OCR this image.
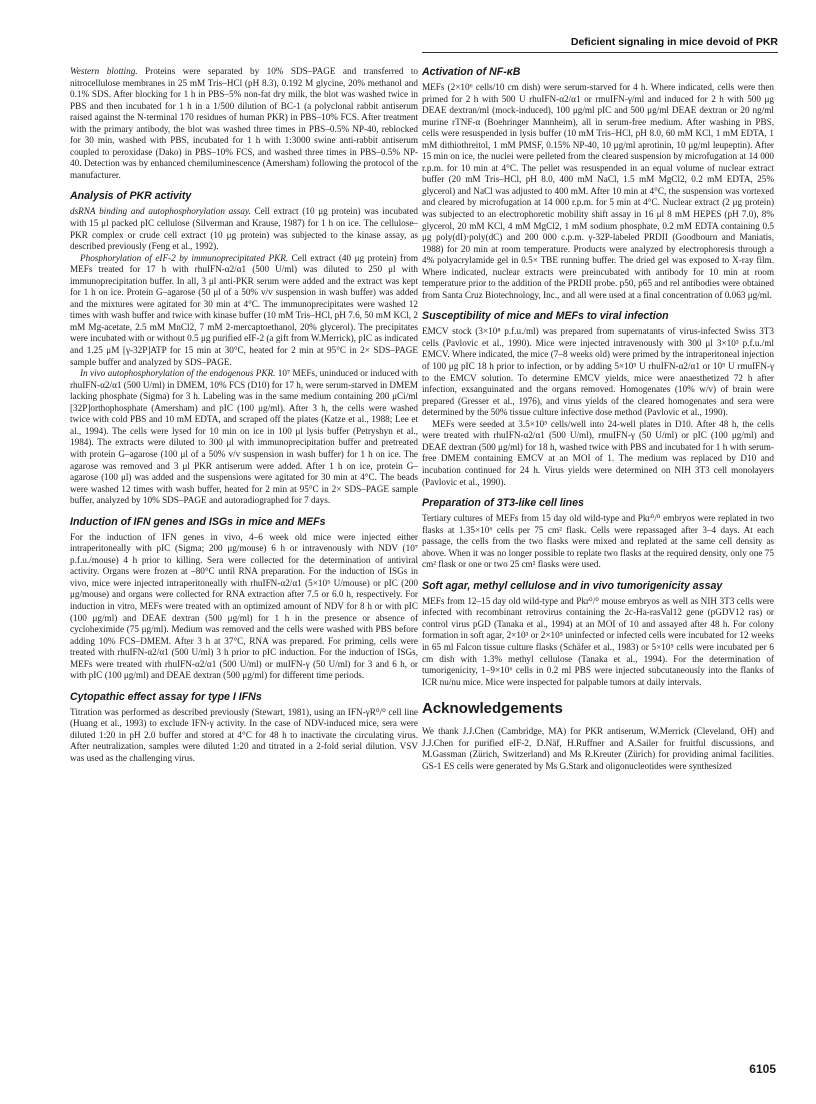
Deficient signaling in mice devoid of PKR

Western blotting. Proteins were separated by 10% SDS–PAGE and transferred to nitrocellulose membranes in 25 mM Tris–HCl (pH 8.3), 0.192 M glycine, 20% methanol and 0.1% SDS. After blocking for 1 h in PBS–5% non-fat dry milk, the blot was washed twice in PBS and then incubated for 1 h in a 1/500 dilution of BC-1 (a polyclonal rabbit antiserum raised against the N-terminal 170 residues of human PKR) in PBS–10% FCS. After treatment with the primary antibody, the blot was washed three times in PBS–0.5% NP-40, reblocked for 30 min, washed with PBS, incubated for 1 h with 1:3000 swine anti-rabbit antiserum coupled to peroxidase (Dako) in PBS–10% FCS, and washed three times in PBS–0.5% NP-40. Detection was by enhanced chemiluminescence (Amersham) following the protocol of the manufacturer.

Analysis of PKR activity

dsRNA binding and autophosphorylation assay. Cell extract (10 μg protein) was incubated with 15 μl packed pIC cellulose (Silverman and Krause, 1987) for 1 h on ice. The cellulose–PKR complex or crude cell extract (10 μg protein) was subjected to the kinase assay, as described previously (Feng et al., 1992).

Phosphorylation of eIF-2 by immunoprecipitated PKR. Cell extract (40 μg protein) from MEFs treated for 17 h with rhuIFN-α2/α1 (500 U/ml) was diluted to 250 μl with immunoprecipitation buffer. In all, 3 μl anti-PKR serum were added and the extract was kept for 1 h on ice. Protein G–agarose (50 μl of a 50% v/v suspension in wash buffer) was added and the mixtures were agitated for 30 min at 4°C. The immunoprecipitates were washed 12 times with wash buffer and twice with kinase buffer (10 mM Tris–HCl, pH 7.6, 50 mM KCl, 2 mM Mg-acetate, 2.5 mM MnCl2, 7 mM 2-mercaptoethanol, 20% glycerol). The precipitates were incubated with or without 0.5 μg purified eIF-2 (a gift from W.Merrick), pIC as indicated and 1.25 μM [γ-32P]ATP for 15 min at 30°C, heated for 2 min at 95°C in 2× SDS–PAGE sample buffer and analyzed by SDS–PAGE.

In vivo autophosphorylation of the endogenous PKR. 10⁷ MEFs, uninduced or induced with rhuIFN-α2/α1 (500 U/ml) in DMEM, 10% FCS (D10) for 17 h, were serum-starved in DMEM lacking phosphate (Sigma) for 3 h. Labeling was in the same medium containing 200 μCi/ml [32P]orthophosphate (Amersham) and pIC (100 μg/ml). After 3 h, the cells were washed twice with cold PBS and 10 mM EDTA, and scraped off the plates (Katze et al., 1988; Lee et al., 1994). The cells were lysed for 10 min on ice in 100 μl lysis buffer (Petryshyn et al., 1984). The extracts were diluted to 300 μl with immunoprecipitation buffer and pretreated with protein G–agarose (100 μl of a 50% v/v suspension in wash buffer) for 1 h on ice. The agarose was removed and 3 μl PKR antiserum were added. After 1 h on ice, protein G–agarose (100 μl) was added and the suspensions were agitated for 30 min at 4°C. The beads were washed 12 times with wash buffer, heated for 2 min at 95°C in 2× SDS–PAGE sample buffer, analyzed by 10% SDS–PAGE and autoradiographed for 7 days.

Induction of IFN genes and ISGs in mice and MEFs

For the induction of IFN genes in vivo, 4–6 week old mice were injected either intraperitoneally with pIC (Sigma; 200 μg/mouse) 6 h or intravenously with NDV (10⁷ p.f.u./mouse) 4 h prior to killing. Sera were collected for the determination of antiviral activity. Organs were frozen at –80°C until RNA preparation. For the induction of ISGs in vivo, mice were injected intraperitoneally with rhuIFN-α2/α1 (5×10⁵ U/mouse) or pIC (200 μg/mouse) and organs were collected for RNA extraction after 7.5 or 6.0 h, respectively. For induction in vitro, MEFs were treated with an optimized amount of NDV for 8 h or with pIC (100 μg/ml) and DEAE dextran (500 μg/ml) for 1 h in the presence or absence of cycloheximide (75 μg/ml). Medium was removed and the cells were washed with PBS before adding 10% FCS–DMEM. After 3 h at 37°C, RNA was prepared. For priming, cells were treated with rhuIFN-α2/α1 (500 U/ml) 3 h prior to pIC induction. For the induction of ISGs, MEFs were treated with rhuIFN-α2/α1 (500 U/ml) or muIFN-γ (50 U/ml) for 3 and 6 h, or with pIC (100 μg/ml) and DEAE dextran (500 μg/ml) for different time periods.

Cytopathic effect assay for type I IFNs

Titration was performed as described previously (Stewart, 1981), using an IFN-γR⁰/⁰ cell line (Huang et al., 1993) to exclude IFN-γ activity. In the case of NDV-induced mice, sera were diluted 1:20 in pH 2.0 buffer and stored at 4°C for 48 h to inactivate the circulating virus. After neutralization, samples were diluted 1:20 and titrated in a 2-fold serial dilution. VSV was used as the challenging virus.

Activation of NF-κB

MEFs (2×10⁶ cells/10 cm dish) were serum-starved for 4 h. Where indicated, cells were then primed for 2 h with 500 U rhuIFN-α2/α1 or rmuIFN-γ/ml and induced for 2 h with 500 μg DEAE dextran/ml (mock-induced), 100 μg/ml pIC and 500 μg/ml DEAE dextran or 20 ng/ml murine rTNF-α (Boehringer Mannheim), all in serum-free medium. After washing in PBS, cells were resuspended in lysis buffer (10 mM Tris–HCl, pH 8.0, 60 mM KCl, 1 mM EDTA, 1 mM dithiothreitol, 1 mM PMSF, 0.15% NP-40, 10 μg/ml aprotinin, 10 μg/ml leupeptin). After 15 min on ice, the nuclei were pelleted from the cleared suspension by microfugation at 14 000 r.p.m. for 10 min at 4°C. The pellet was resuspended in an equal volume of nuclear extract buffer (20 mM Tris–HCl, pH 8.0, 400 mM NaCl, 1.5 mM MgCl2, 0.2 mM EDTA, 25% glycerol) and NaCl was adjusted to 400 mM. After 10 min at 4°C, the suspension was vortexed and cleared by microfugation at 14 000 r.p.m. for 5 min at 4°C. Nuclear extract (2 μg protein) was subjected to an electrophoretic mobility shift assay in 16 μl 8 mM HEPES (pH 7.0), 8% glycerol, 20 mM KCl, 4 mM MgCl2, 1 mM sodium phosphate, 0.2 mM EDTA containing 0.5 μg poly(dI)·poly(dC) and 200 000 c.p.m. γ-32P-labeled PRDII (Goodbourn and Maniatis, 1988) for 20 min at room temperature. Products were analyzed by electrophoresis through a 4% polyacrylamide gel in 0.5× TBE running buffer. The dried gel was exposed to X-ray film. Where indicated, nuclear extracts were preincubated with antibody for 10 min at room temperature prior to the addition of the PRDII probe. p50, p65 and rel antibodies were obtained from Santa Cruz Biotechnology, Inc., and all were used at a final concentration of 0.063 μg/ml.

Susceptibility of mice and MEFs to viral infection

EMCV stock (3×10⁸ p.f.u./ml) was prepared from supernatants of virus-infected Swiss 3T3 cells (Pavlovic et al., 1990). Mice were injected intravenously with 300 μl 3×10³ p.f.u./ml EMCV. Where indicated, the mice (7–8 weeks old) were primed by the intraperitoneal injection of 100 μg pIC 18 h prior to infection, or by adding 5×10⁵ U rhuIFN-α2/α1 or 10⁵ U rmuIFN-γ to the EMCV solution. To determine EMCV yields, mice were anaesthetized 72 h after infection, exsanguinated and the organs removed. Homogenates (10% w/v) of brain were prepared (Gresser et al., 1976), and virus yields of the cleared homogenates and sera were determined by the 50% tissue culture infective dose method (Pavlovic et al., 1990).

MEFs were seeded at 3.5×10⁵ cells/well into 24-well plates in D10. After 48 h, the cells were treated with rhuIFN-α2/α1 (500 U/ml), rmuIFN-γ (50 U/ml) or pIC (100 μg/ml) and DEAE dextran (500 μg/ml) for 18 h, washed twice with PBS and incubated for 1 h with serum-free DMEM containing EMCV at an MOI of 1. The medium was replaced by D10 and incubation continued for 24 h. Virus yields were determined on NIH 3T3 cell monolayers (Pavlovic et al., 1990).

Preparation of 3T3-like cell lines

Tertiary cultures of MEFs from 15 day old wild-type and Pkr⁰/⁰ embryos were replated in two flasks at 1.35×10⁶ cells per 75 cm² flask. Cells were repassaged after 3–4 days. At each passage, the cells from the two flasks were mixed and replated at the same cell density as above. When it was no longer possible to replate two flasks at the required density, only one 75 cm² flask or one or two 25 cm² flasks were used.

Soft agar, methyl cellulose and in vivo tumorigenicity assay

MEFs from 12–15 day old wild-type and Pkr⁰/⁰ mouse embryos as well as NIH 3T3 cells were infected with recombinant retrovirus containing the 2c-Ha-rasVal12 gene (pGDV12 ras) or control virus pGD (Tanaka et al., 1994) at an MOI of 10 and assayed after 48 h. For colony formation in soft agar, 2×10³ or 2×10⁵ uninfected or infected cells were incubated for 12 weeks in 65 ml Falcon tissue culture flasks (Schäfer et al., 1983) or 5×10⁵ cells were incubated per 6 cm dish with 1.3% methyl cellulose (Tanaka et al., 1994). For the determination of tumorigenicity, 1–9×10⁶ cells in 0.2 ml PBS were injected subcutaneously into the flanks of ICR nu/nu mice. Mice were inspected for palpable tumors at daily intervals.

Acknowledgements

We thank J.J.Chen (Cambridge, MA) for PKR antiserum, W.Merrick (Cleveland, OH) and J.J.Chen for purified eIF-2, D.Näf, H.Ruffner and A.Sailer for fruitful discussions, and M.Gassman (Zürich, Switzerland) and Ms R.Kreuter (Zürich) for providing animal facilities. GS-1 ES cells were generated by Ms G.Stark and oligonucleotides were synthesized

6105
